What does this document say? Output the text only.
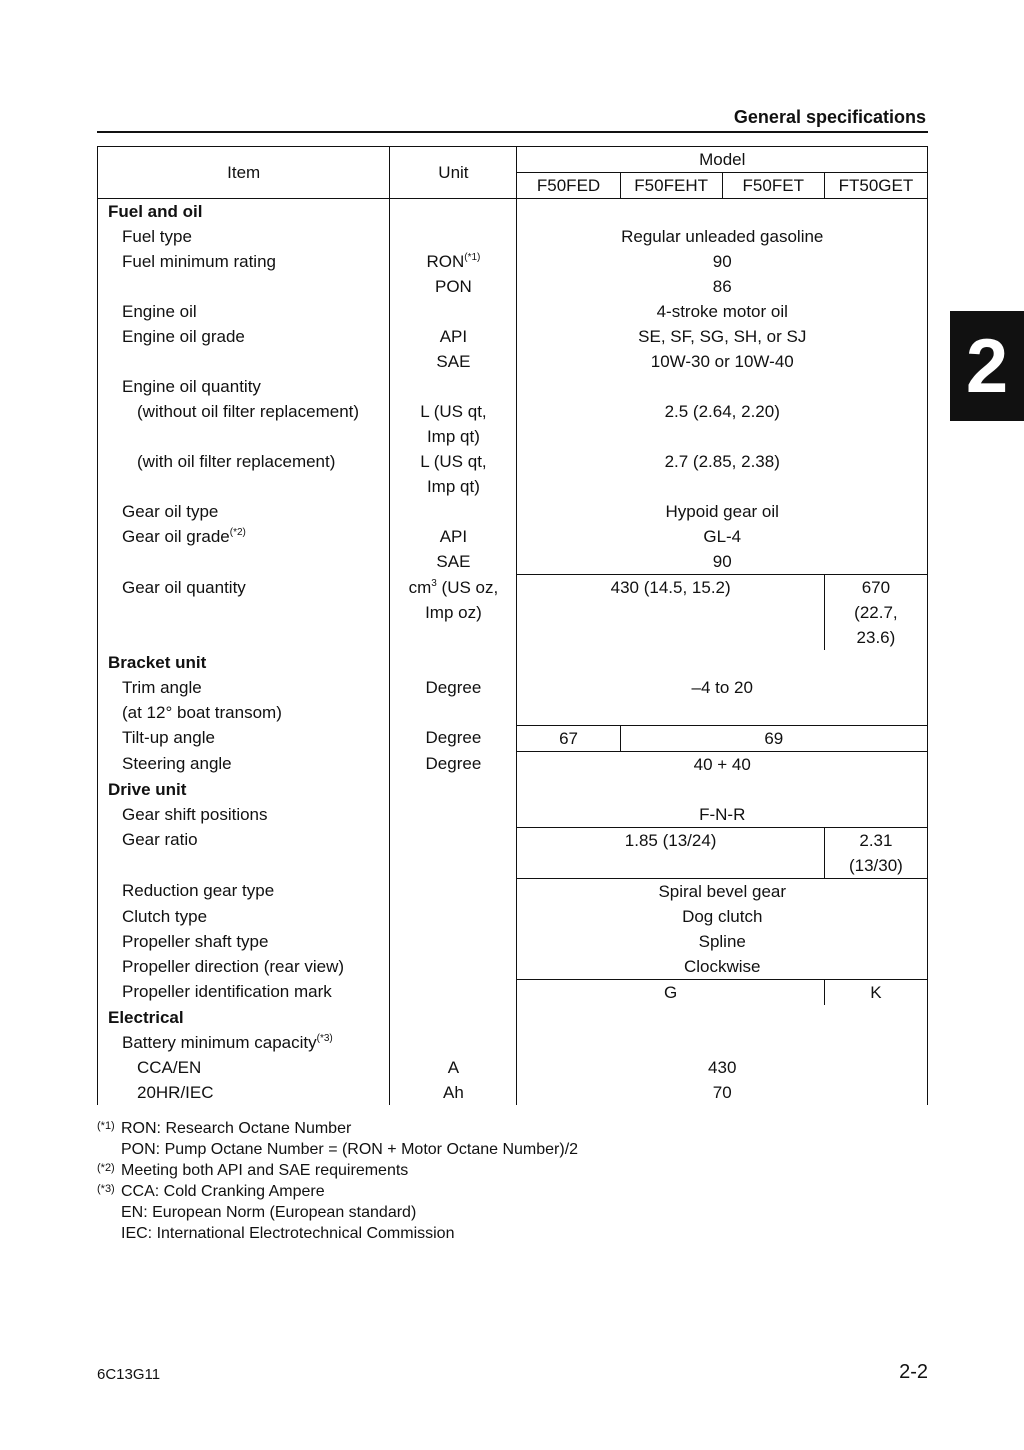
General specifications
2
Item	Unit	Model			
		F50FED	F50FEHT	F50FET	FT50GET
Fuel and oil					
Fuel type		Regular unleaded gasoline			
Fuel minimum rating	$RON^{(*1)}$	90			
	PON	86			
Engine oil		4-stroke motor oil			
Engine oil grade	API	SE, SF, SG, SH, or SJ			
	SAE	10W-30 or 10W-40			
Engine oil quantity					
(without oil filter replacement)	L (US qt,	2.5 (2.64, 2.20)			
	Imp qt)				
(with oil filter replacement)	L (US qt,	2.7 (2.85, 2.38)			
	Imp qt)				
Gear oil type		Hypoid gear oil			
Gear oil grade$^{(*2)}$	API	GL-4			
	SAE	90			
Gear oil quantity	$cm^3$ (US oz,	430 (14.5, 15.2)			670
	Imp oz)				(22.7,
					23.6)
Bracket unit					
Trim angle	Degree	–4 to 20			
(at 12° boat transom)					
Tilt-up angle	Degree	67	69		
Steering angle	Degree	40 + 40			
Drive unit					
Gear shift positions		F-N-R			
Gear ratio		1.85 (13/24)			2.31
					(13/30)
Reduction gear type		Spiral bevel gear			
Clutch type		Dog clutch			
Propeller shaft type		Spline			
Propeller direction (rear view)		Clockwise			
Propeller identification mark		G			K
Electrical					
Battery minimum capacity$^{(*3)}$		
CCA/EN	A	430			
20HR/IEC	Ah	70			
(*1) RON: Research Octane Number
PON: Pump Octane Number = (RON + Motor Octane Number)/2
(*2) Meeting both API and SAE requirements
(*3) CCA: Cold Cranking Ampere
EN: European Norm (European standard)
IEC: International Electrotechnical Commission
6C13G11	2-2
